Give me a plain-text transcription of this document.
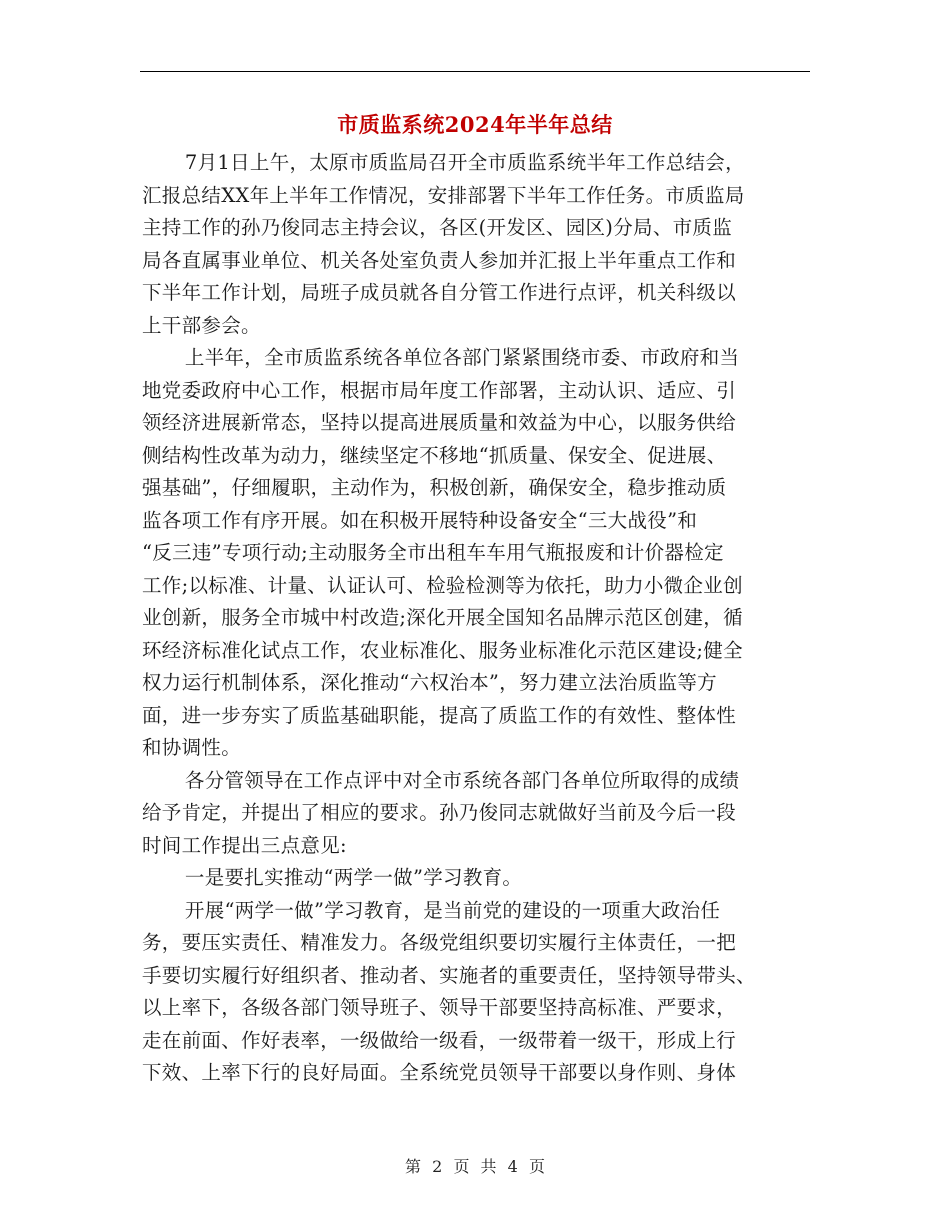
市质监系统2024年半年总结

7月1日上午，太原市质监局召开全市质监系统半年工作总结会，
汇报总结XX年上半年工作情况，安排部署下半年工作任务。市质监局
主持工作的孙乃俊同志主持会议，各区(开发区、园区)分局、市质监
局各直属事业单位、机关各处室负责人参加并汇报上半年重点工作和
下半年工作计划，局班子成员就各自分管工作进行点评，机关科级以
上干部参会。

上半年，全市质监系统各单位各部门紧紧围绕市委、市政府和当
地党委政府中心工作，根据市局年度工作部署，主动认识、适应、引
领经济进展新常态，坚持以提高进展质量和效益为中心，以服务供给
侧结构性改革为动力，继续坚定不移地“抓质量、保安全、促进展、
强基础”，仔细履职，主动作为，积极创新，确保安全，稳步推动质
监各项工作有序开展。如在积极开展特种设备安全“三大战役”和
“反三违”专项行动;主动服务全市出租车车用气瓶报废和计价器检定
工作;以标准、计量、认证认可、检验检测等为依托，助力小微企业创
业创新，服务全市城中村改造;深化开展全国知名品牌示范区创建，循
环经济标准化试点工作，农业标准化、服务业标准化示范区建设;健全
权力运行机制体系，深化推动“六权治本”，努力建立法治质监等方
面，进一步夯实了质监基础职能，提高了质监工作的有效性、整体性
和协调性。

各分管领导在工作点评中对全市系统各部门各单位所取得的成绩
给予肯定，并提出了相应的要求。孙乃俊同志就做好当前及今后一段
时间工作提出三点意见:

一是要扎实推动“两学一做”学习教育。

开展“两学一做”学习教育，是当前党的建设的一项重大政治任
务，要压实责任、精准发力。各级党组织要切实履行主体责任，一把
手要切实履行好组织者、推动者、实施者的重要责任，坚持领导带头、
以上率下，各级各部门领导班子、领导干部要坚持高标准、严要求，
走在前面、作好表率，一级做给一级看，一级带着一级干，形成上行
下效、上率下行的良好局面。全系统党员领导干部要以身作则、身体

第 2 页 共 4 页
